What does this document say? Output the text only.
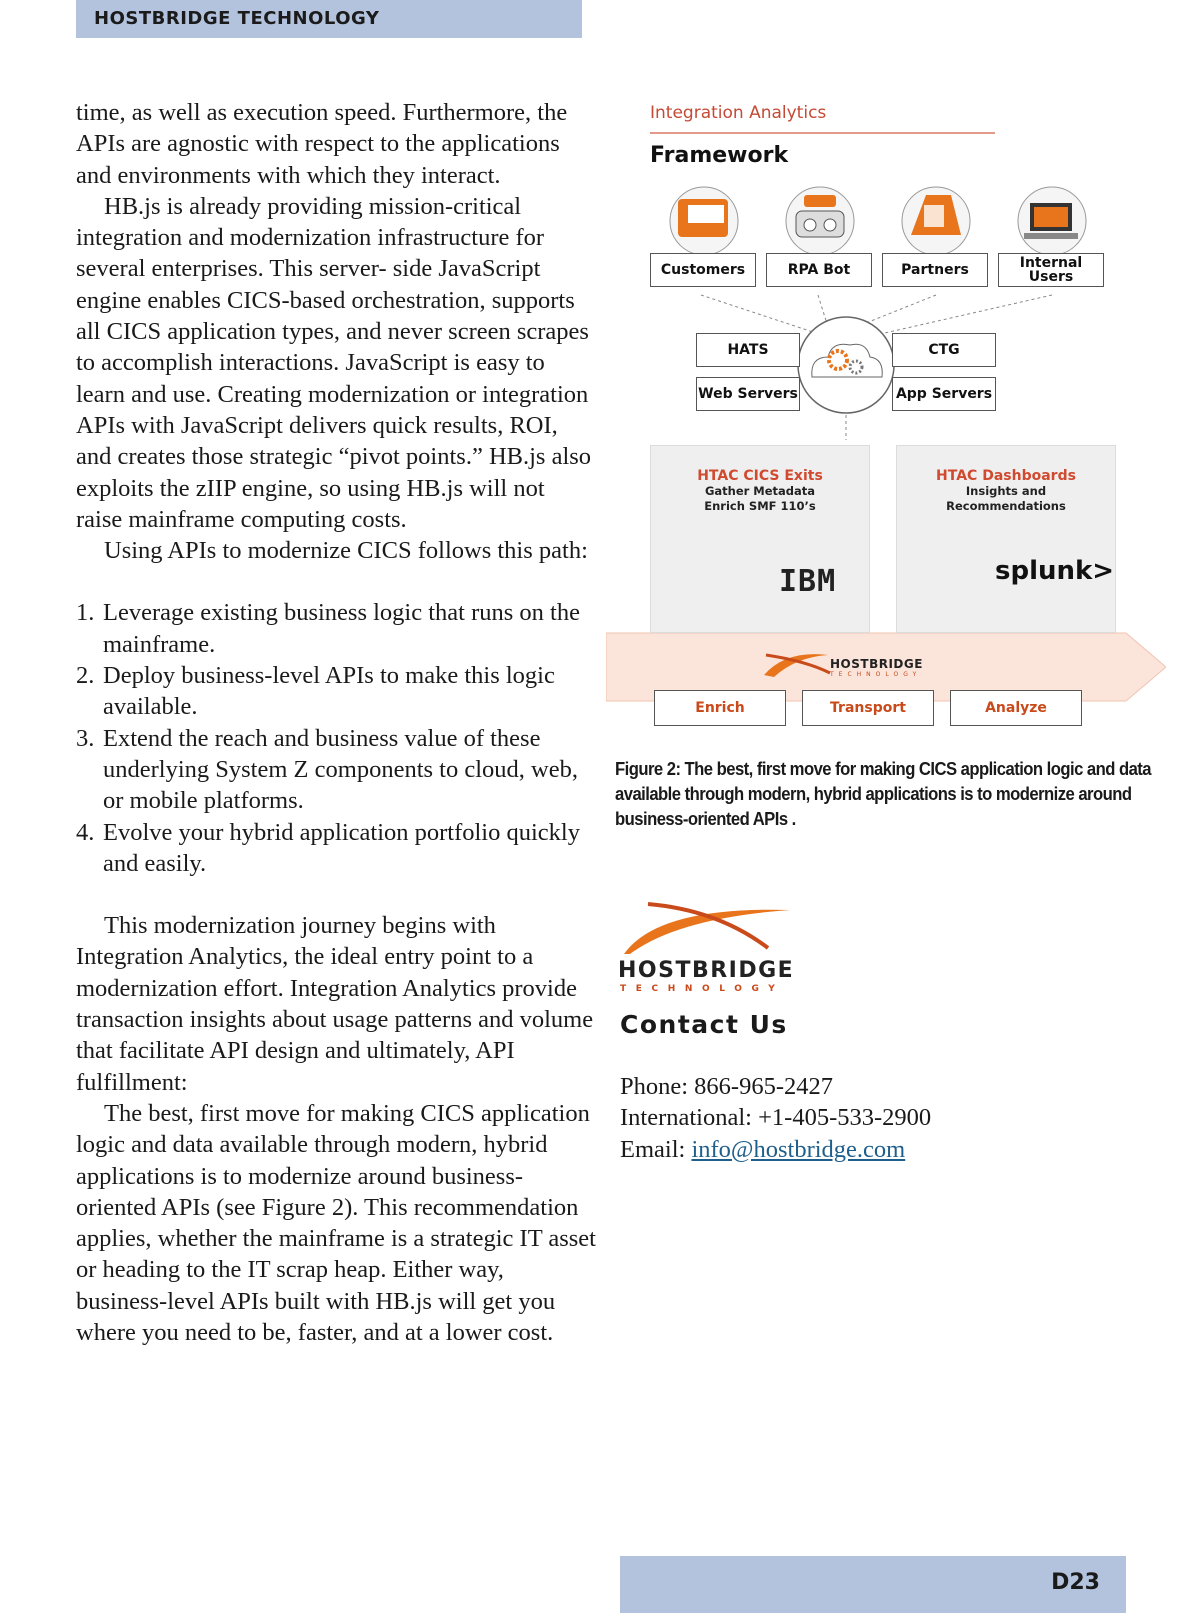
HOSTBRIDGE TECHNOLOGY

time, as well as execution speed. Furthermore, the APIs are agnostic with respect to the applications and environments with which they interact.

HB.js is already providing mission-critical integration and modernization infrastructure for several enterprises. This server- side JavaScript engine enables CICS-based orchestration, supports all CICS application types, and never screen scrapes to accomplish interactions. JavaScript is easy to learn and use. Creating modernization or integration APIs with JavaScript delivers quick results, ROI, and creates those strategic “pivot points.” HB.js also exploits the zIIP engine, so using HB.js will not raise mainframe computing costs.

Using APIs to modernize CICS follows this path:

1. Leverage existing business logic that runs on the mainframe.
2. Deploy business-level APIs to make this logic available.
3. Extend the reach and business value of these underlying System Z components to cloud, web, or mobile platforms.
4. Evolve your hybrid application portfolio quickly and easily.

This modernization journey begins with Integration Analytics, the ideal entry point to a modernization effort. Integration Analytics provide transaction insights about usage patterns and volume that facilitate API design and ultimately, API fulfillment:

The best, first move for making CICS application logic and data available through modern, hybrid applications is to modernize around business-oriented APIs (see Figure 2). This recommendation applies, whether the mainframe is a strategic IT asset or heading to the IT scrap heap. Either way, business-level APIs built with HB.js will get you where you need to be, faster, and at a lower cost.

Integration Analytics
Framework
Customers	RPA Bot	Partners	Internal Users
HATS
Web Servers
CTG
App Servers
HTAC CICS Exits
Gather Metadata
Enrich SMF 110’s
IBM
HTAC Dashboards
Insights and
Recommendations
splunk>
HOSTBRIDGE
TECHNOLOGY
Enrich	Transport	Analyze
Figure 2: The best, first move for making CICS application logic and data available through modern, hybrid applications is to modernize around business-oriented APIs .
HOSTBRIDGE
TECHNOLOGY
Contact Us
Phone: 866-965-2427
International: +1-405-533-2900
Email: info@hostbridge.com
D23
